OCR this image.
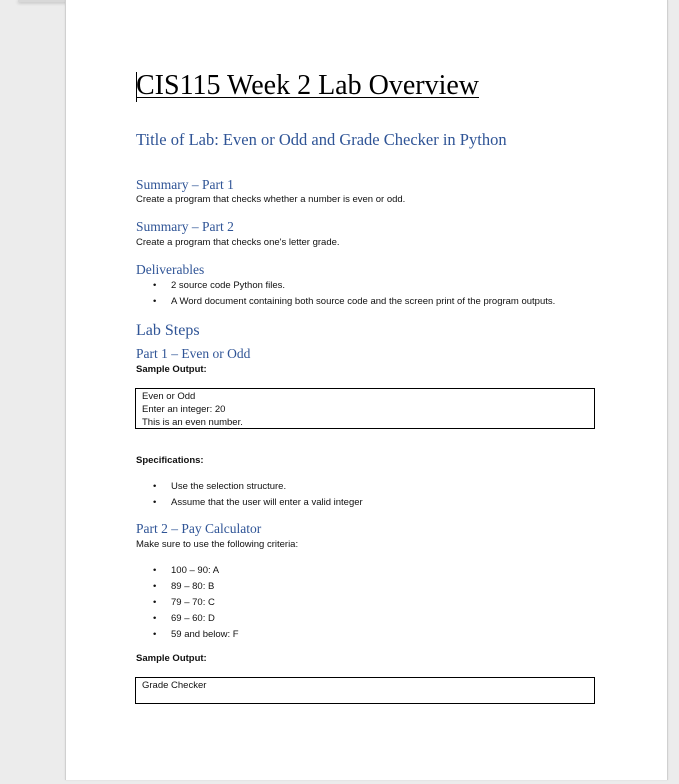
CIS115 Week 2 Lab Overview
Title of Lab: Even or Odd and Grade Checker in Python
Summary – Part 1
Create a program that checks whether a number is even or odd.
Summary – Part 2
Create a program that checks one's letter grade.
Deliverables
• 2 source code Python files.
• A Word document containing both source code and the screen print of the program outputs.
Lab Steps
Part 1 – Even or Odd
Sample Output:
Even or Odd
Enter an integer: 20
This is an even number.
Specifications:
• Use the selection structure.
• Assume that the user will enter a valid integer
Part 2 – Pay Calculator
Make sure to use the following criteria:
• 100 – 90: A
• 89 – 80: B
• 79 – 70: C
• 69 – 60: D
• 59 and below: F
Sample Output:
Grade Checker
